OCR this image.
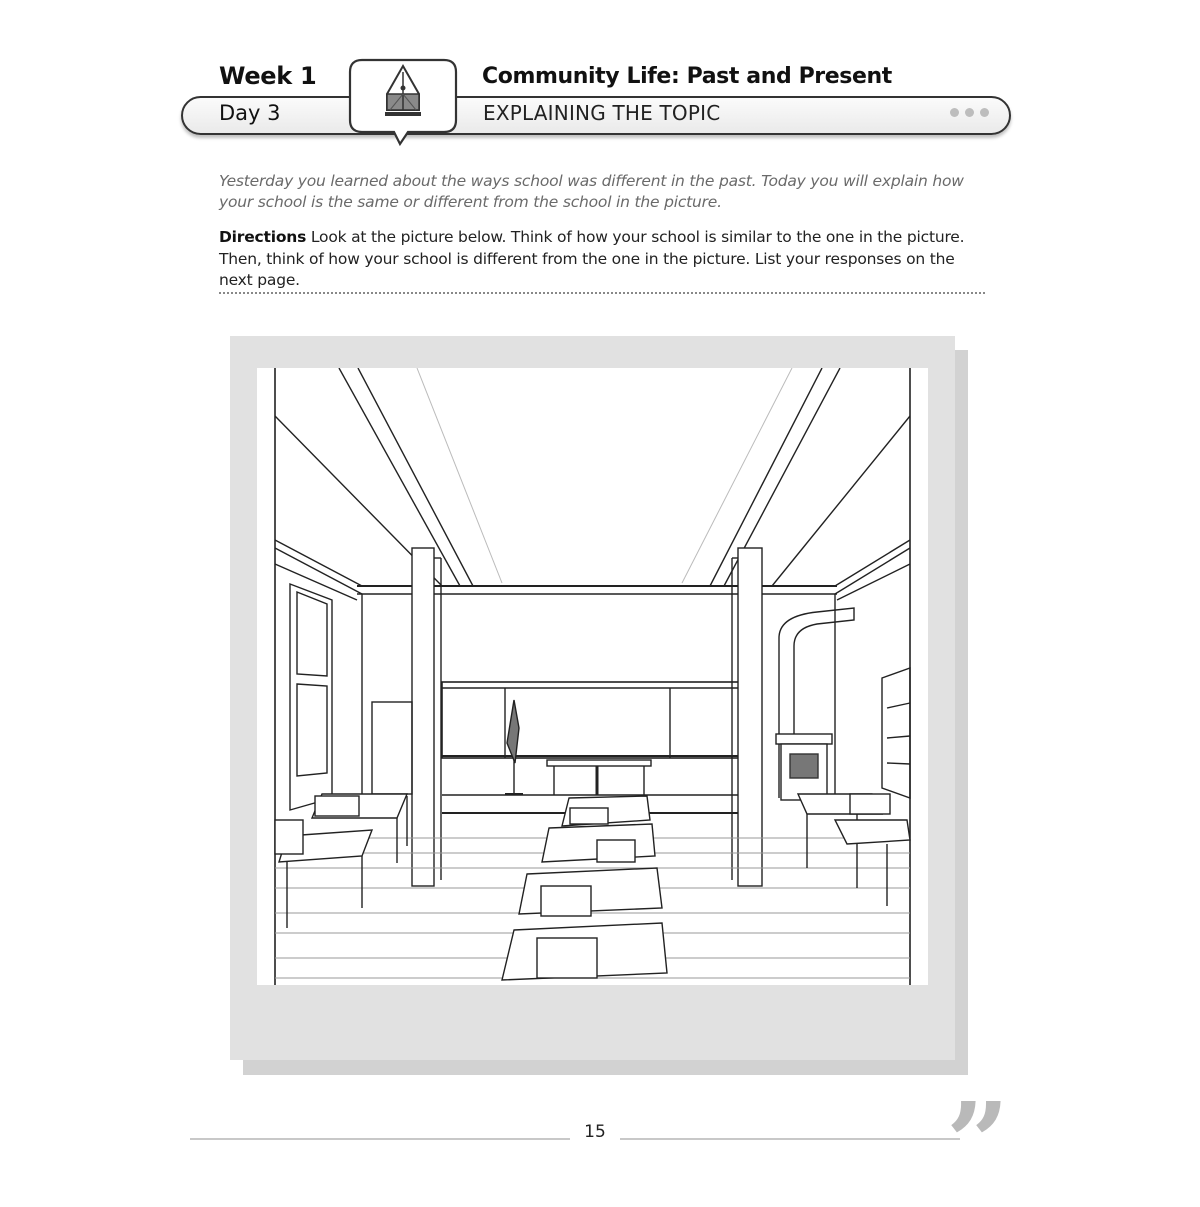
Week 1
Day 3
Community Life: Past and Present
EXPLAINING THE TOPIC
Yesterday you learned about the ways school was different in the past. Today you will explain how your school is the same or different from the school in the picture.
Directions Look at the picture below. Think of how your school is similar to the one in the picture. Then, think of how your school is different from the one in the picture. List your responses on the next page.
15	”
